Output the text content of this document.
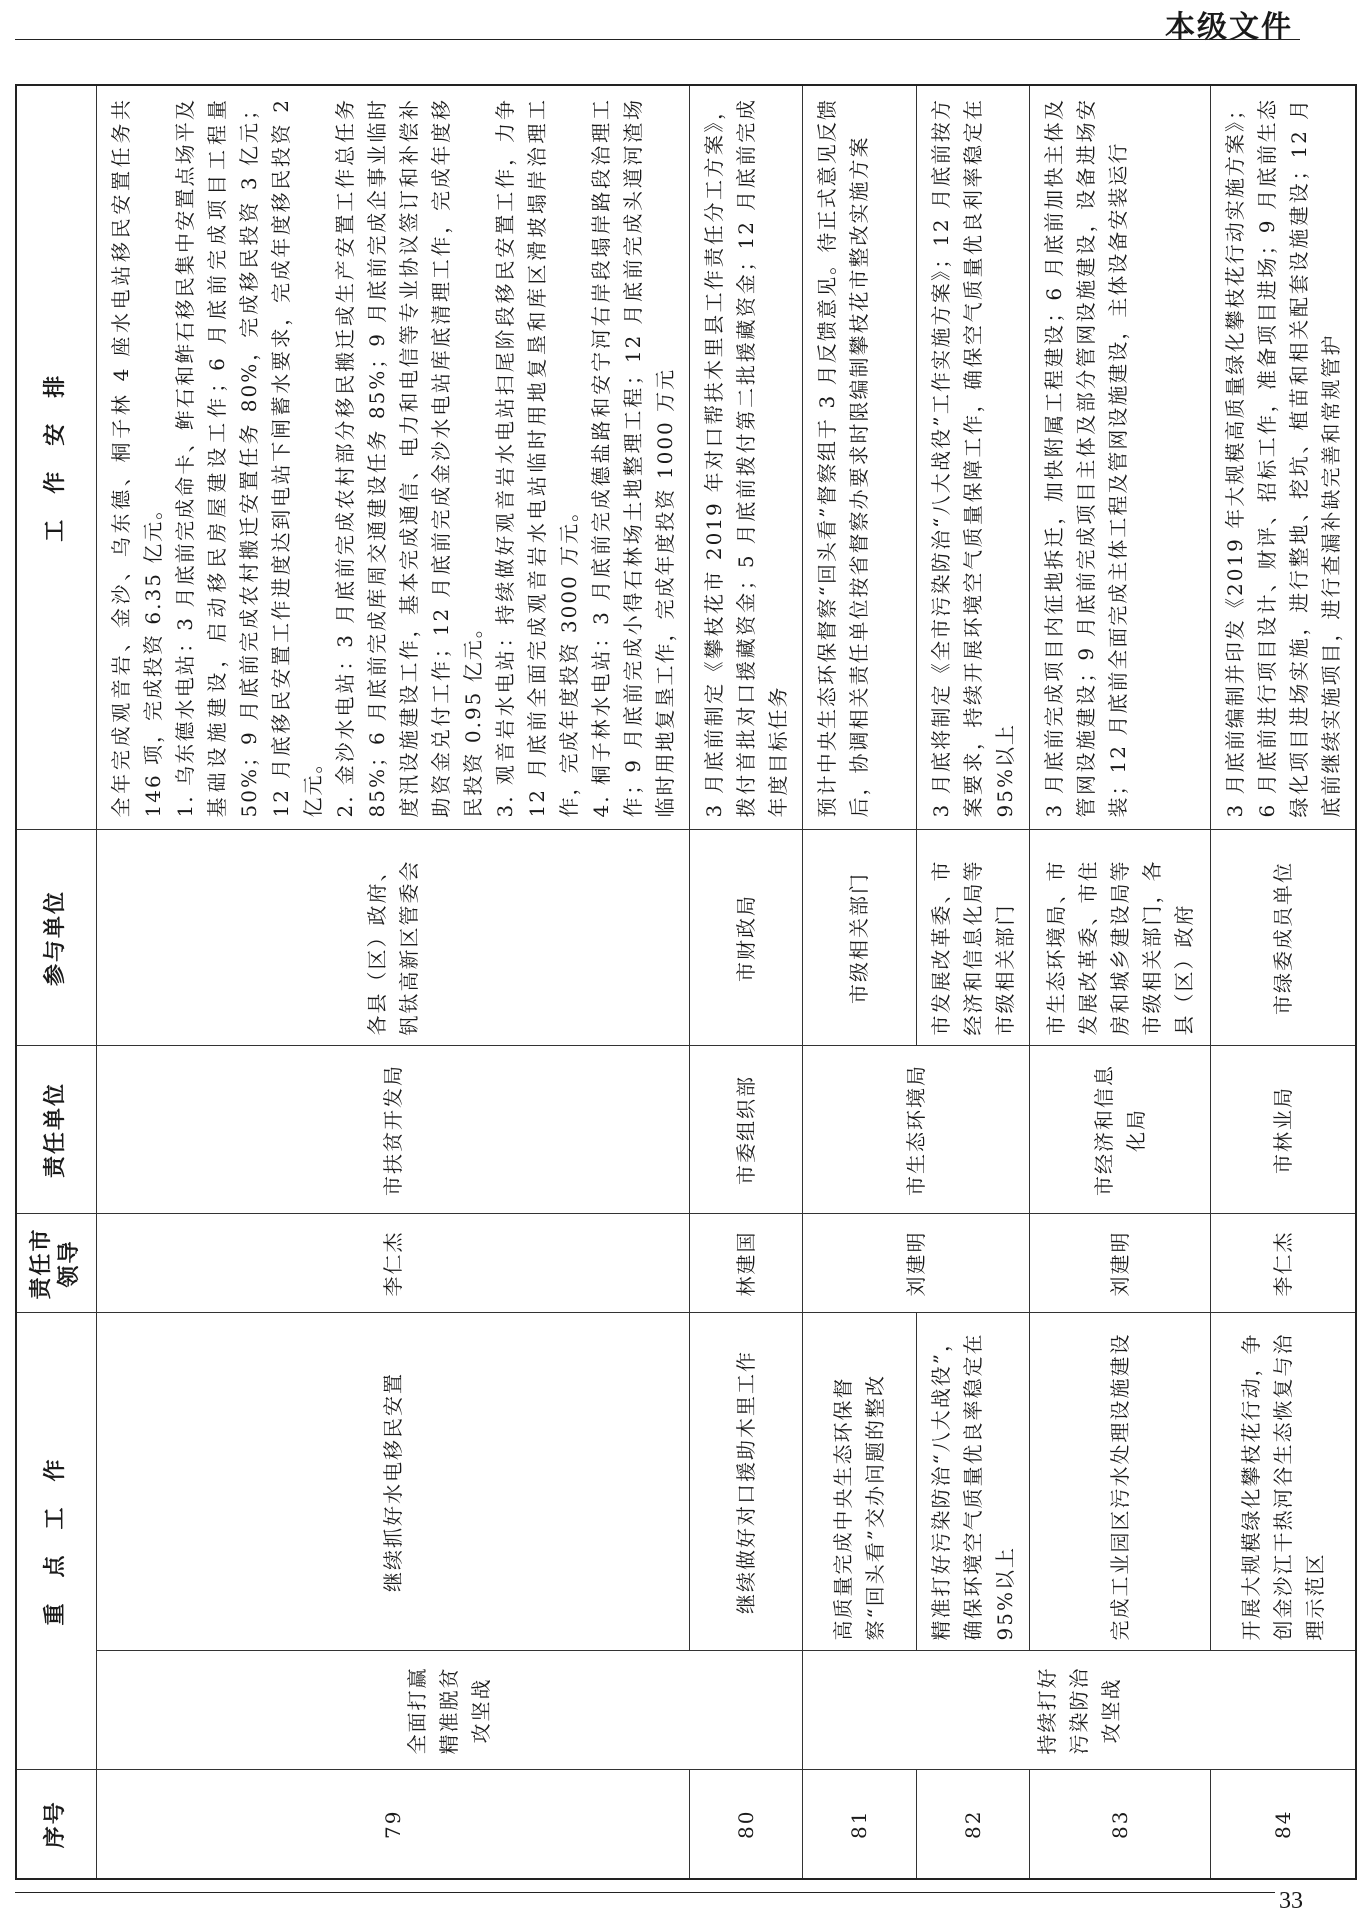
本级文件
序号	重　点　工　作		责任市领导	责任单位	参与单位	工　作　安　排
79	全面打赢精准脱贫攻坚战	继续抓好水电移民安置	李仁杰	市扶贫开发局	各县（区）政府、钒钛高新区管委会	全年完成观音岩、金沙、乌东德、桐子林 4 座水电站移民安置任务共 146 项，完成投资 6.35 亿元。 1. 乌东德水电站：3 月底前完成命卡、鲊石和鲊石移民集中安置点场平及基础设施建设，启动移民房屋建设工作；6 月底前完成项目工程量 50%；9 月底前完成农村搬迁安置任务 80%，完成移民投资 3 亿元；12 月底移民安置工作进度达到电站下闸蓄水要求，完成年度移民投资 2 亿元。 2. 金沙水电站：3 月底前完成农村部分移民搬迁或生产安置工作总任务 85%；6 月底前完成库周交通建设任务 85%；9 月底前完成企事业临时度汛设施建设工作，基本完成通信、电力和电信等专业协议签订和补偿补助资金兑付工作；12 月底前完成金沙水电站库底清理工作，完成年度移民投资 0.95 亿元。 3. 观音岩水电站：持续做好观音岩水电站扫尾阶段移民安置工作，力争 12 月底前全面完成观音岩水电站临时用地复垦和库区滑坡塌岸治理工作，完成年度投资 3000 万元。 4. 桐子林水电站：3 月底前完成德盐路和安宁河右岸段塌岸路段治理工作；9 月底前完成小得石林场土地整理工程；12 月底前完成头道河渣场临时用地复垦工作，完成年度投资 1000 万元

80		继续做好对口援助木里工作	林建国	市委组织部	市财政局	3 月底前制定《攀枝花市 2019 年对口帮扶木里县工作责任分工方案》，拨付首批对口援藏资金；5 月底前拨付第二批援藏资金；12 月底前完成年度目标任务
81	持续打好污染防治攻坚战	高质量完成中央生态环保督察“回头看”交办问题的整改	刘建明	市生态环境局	市级相关部门	预计中央生态环保督察“回头看”督察组于 3 月反馈意见。待正式意见反馈后，协调相关责任单位按省督察办要求时限编制攀枝花市整改实施方案
82		精准打好污染防治“八大战役”，确保环境空气质量优良率稳定在 95%以上			市发展改革委、市经济和信息化局等市级相关部门	3 月底将制定《全市污染防治“八大战役”工作实施方案》；12 月底前按方案要求，持续开展环境空气质量保障工作，确保空气质量优良利率稳定在 95%以上
83		完成工业园区污水处理设施建设	刘建明	市经济和信息化局	市生态环境局、市发展改革委、市住房和城乡建设局等市级相关部门，各县（区）政府	3 月底前完成项目内征地拆迁，加快附属工程建设；6 月底前加快主体及管网设施建设；9 月底前完成项目主体及部分管网设施建设，设备进场安装；12 月底前全面完成主体工程及管网设施建设，主体设备安装运行
84		开展大规模绿化攀枝花行动，争创金沙江干热河谷生态恢复与治理示范区	李仁杰	市林业局	市绿委成员单位	3 月底前编制并印发《2019 年大规模高质量绿化攀枝花行动实施方案》；6 月底前进行项目设计、财评、招标工作，准备项目进场；9 月底前生态绿化项目进场实施，进行整地、挖坑、植苗和相关配套设施建设；12 月底前继续实施项目，进行查漏补缺完善和常规管护
33
